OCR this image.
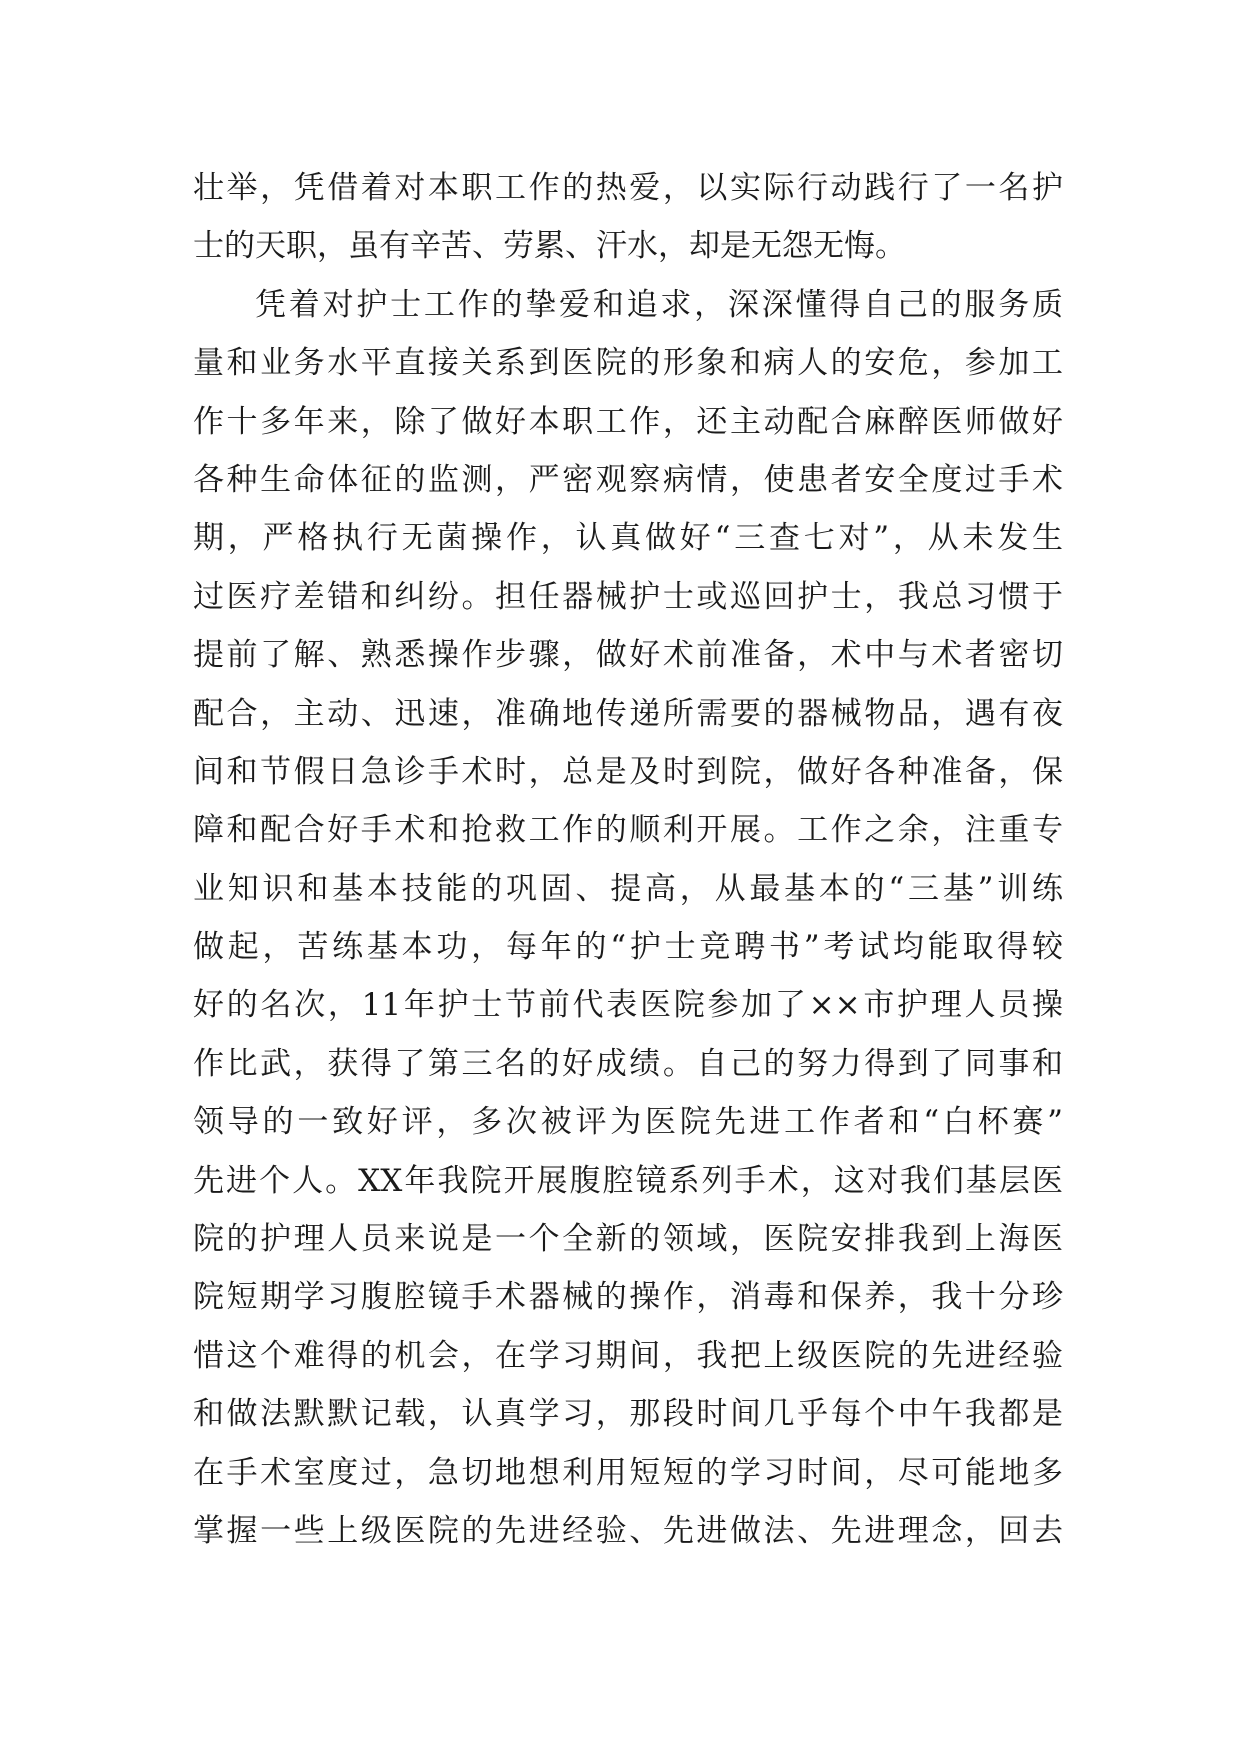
壮举，凭借着对本职工作的热爱，以实际行动践行了一名护
士的天职，虽有辛苦、劳累、汗水，却是无怨无悔。
凭着对护士工作的挚爱和追求，深深懂得自己的服务质
量和业务水平直接关系到医院的形象和病人的安危，参加工
作十多年来，除了做好本职工作，还主动配合麻醉医师做好
各种生命体征的监测，严密观察病情，使患者安全度过手术
期，严格执行无菌操作，认真做好“三查七对”，从未发生
过医疗差错和纠纷。担任器械护士或巡回护士，我总习惯于
提前了解、熟悉操作步骤，做好术前准备，术中与术者密切
配合，主动、迅速，准确地传递所需要的器械物品，遇有夜
间和节假日急诊手术时，总是及时到院，做好各种准备，保
障和配合好手术和抢救工作的顺利开展。工作之余，注重专
业知识和基本技能的巩固、提高，从最基本的“三基”训练
做起，苦练基本功，每年的“护士竞聘书”考试均能取得较
好的名次，11年护士节前代表医院参加了××市护理人员操
作比武，获得了第三名的好成绩。自己的努力得到了同事和
领导的一致好评，多次被评为医院先进工作者和“白杯赛”
先进个人。XX年我院开展腹腔镜系列手术，这对我们基层医
院的护理人员来说是一个全新的领域，医院安排我到上海医
院短期学习腹腔镜手术器械的操作，消毒和保养，我十分珍
惜这个难得的机会，在学习期间，我把上级医院的先进经验
和做法默默记载，认真学习，那段时间几乎每个中午我都是
在手术室度过，急切地想利用短短的学习时间，尽可能地多
掌握一些上级医院的先进经验、先进做法、先进理念，回去
